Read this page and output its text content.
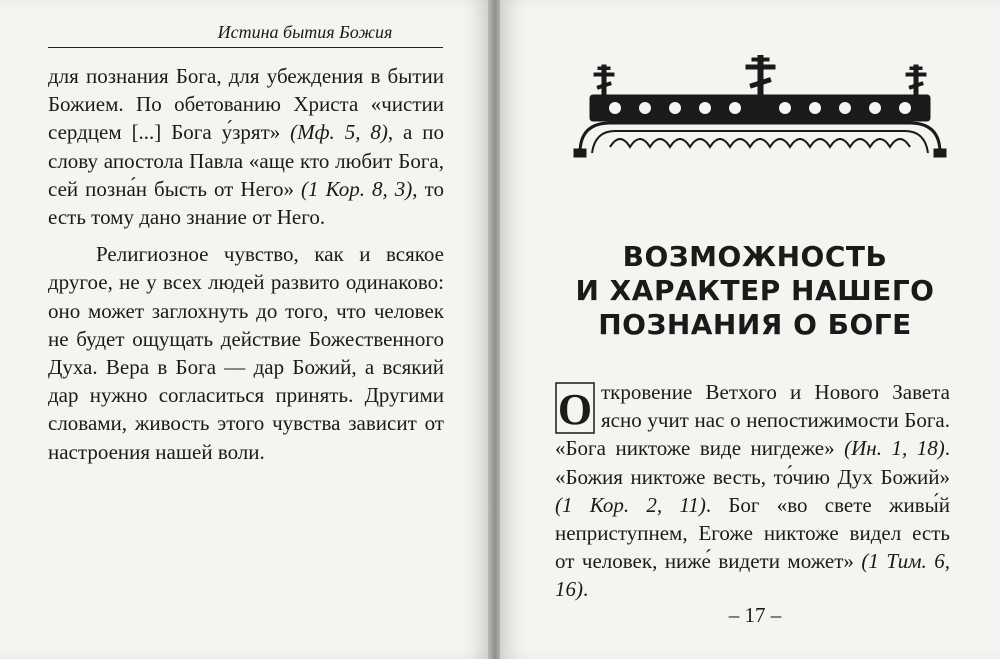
Истина бытия Божия

для познания Бога, для убеждения в бытии Божием. По обетованию Христа «чистии сердцем [...] Бога у́зрят» (Мф. 5, 8), а по слову апостола Павла «аще кто любит Бога, сей позна́н бысть от Него» (1 Кор. 8, 3), то есть тому дано знание от Него.

Религиозное чувство, как и всякое другое, не у всех людей развито одинаково: оно может заглохнуть до того, что человек не будет ощущать действие Божественного Духа. Вера в Бога — дар Божий, а всякий дар нужно согласиться принять. Другими словами, живость этого чувства зависит от настроения нашей воли.

ВОЗМОЖНОСТЬ
И ХАРАКТЕР НАШЕГО
ПОЗНАНИЯ О БОГЕ

О ткровение Ветхого и Нового Завета ясно учит нас о непостижимости Бога. «Бога никтоже виде нигдеже» (Ин. 1, 18). «Божия никтоже весть, то́чию Дух Божий» (1 Кор. 2, 11). Бог «во свете живы́й неприступнем, Егоже никтоже видел есть от человек, ниже́ видети может» (1 Тим. 6, 16).

– 17 –
